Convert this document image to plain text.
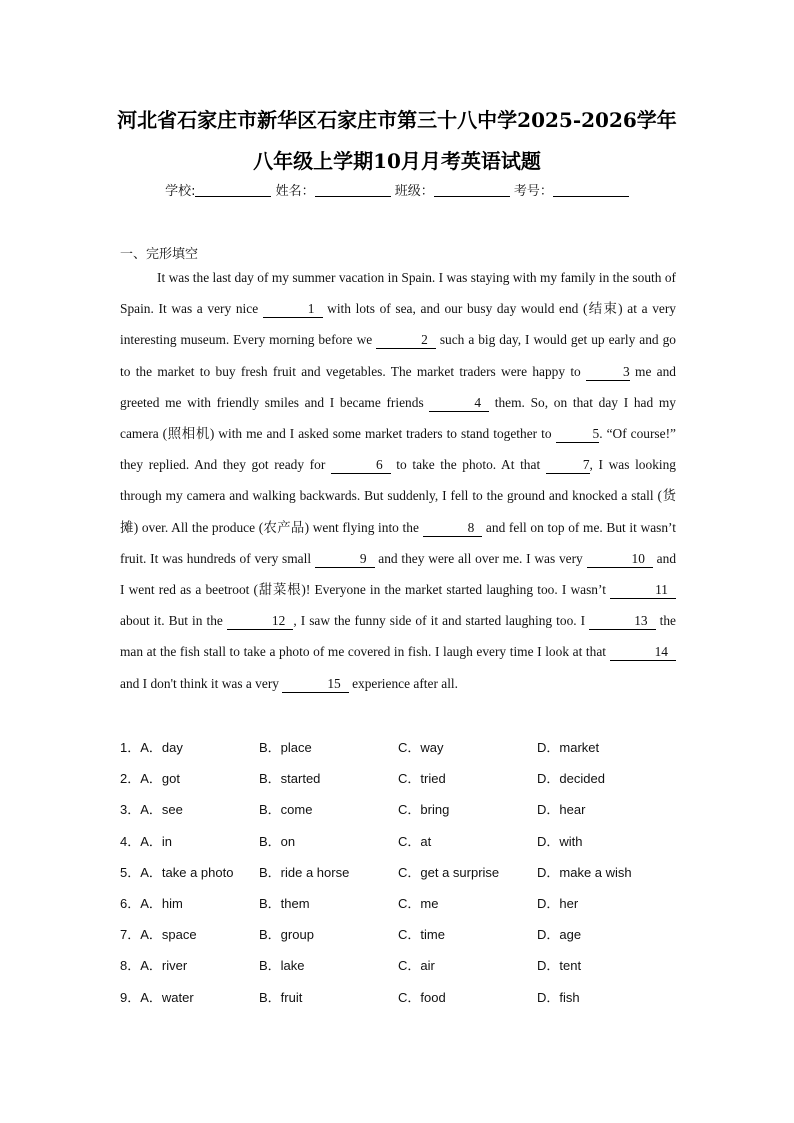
河北省石家庄市新华区石家庄市第三十八中学2025-2026学年
八年级上学期10月月考英语试题
学校:	姓名：	班级：	考号：
一、完形填空

It was the last day of my summer vacation in Spain. I was staying with my family in the south of Spain. It was a very nice	1 with lots of sea, and our busy day would end (结束) at a very interesting museum. Every morning before we	2 such a big day, I would get up early and go to the market to buy fresh fruit and vegetables. The market traders were happy to	3 me and greeted me with friendly smiles and I became friends	4 them. So, on that day I had my camera (照相机) with me and I asked some market traders to stand together to	5. “Of course!” they replied. And they got ready for	6 to take the photo. At that	7, I was looking through my camera and walking backwards. But suddenly, I fell to the ground and knocked a stall (货摊) over. All the produce (农产品) went flying into the	8 and fell on top of me. But it wasn’t fruit. It was hundreds of very small	9 and they were all over me. I was very	10 and I went red as a beetroot (甜菜根)! Everyone in the market started laughing too. I wasn’t	11 about it. But in the	12 , I saw the funny side of it and started laughing too. I	13 the man at the fish stall to take a photo of me covered in fish. I laugh every time I look at that	14 and I don't think it was a very	15 experience after all.

1．A．day	B．place	C．way	D．market
2．A．got	B．started	C．tried	D．decided
3．A．see	B．come	C．bring	D．hear
4．A．in	B．on	C．at	D．with
5．A．take a photo	B．ride a horse	C．get a surprise	D．make a wish
6．A．him	B．them	C．me	D．her
7．A．space	B．group	C．time	D．age
8．A．river	B．lake	C．air	D．tent
9．A．water	B．fruit	C．food	D．fish
